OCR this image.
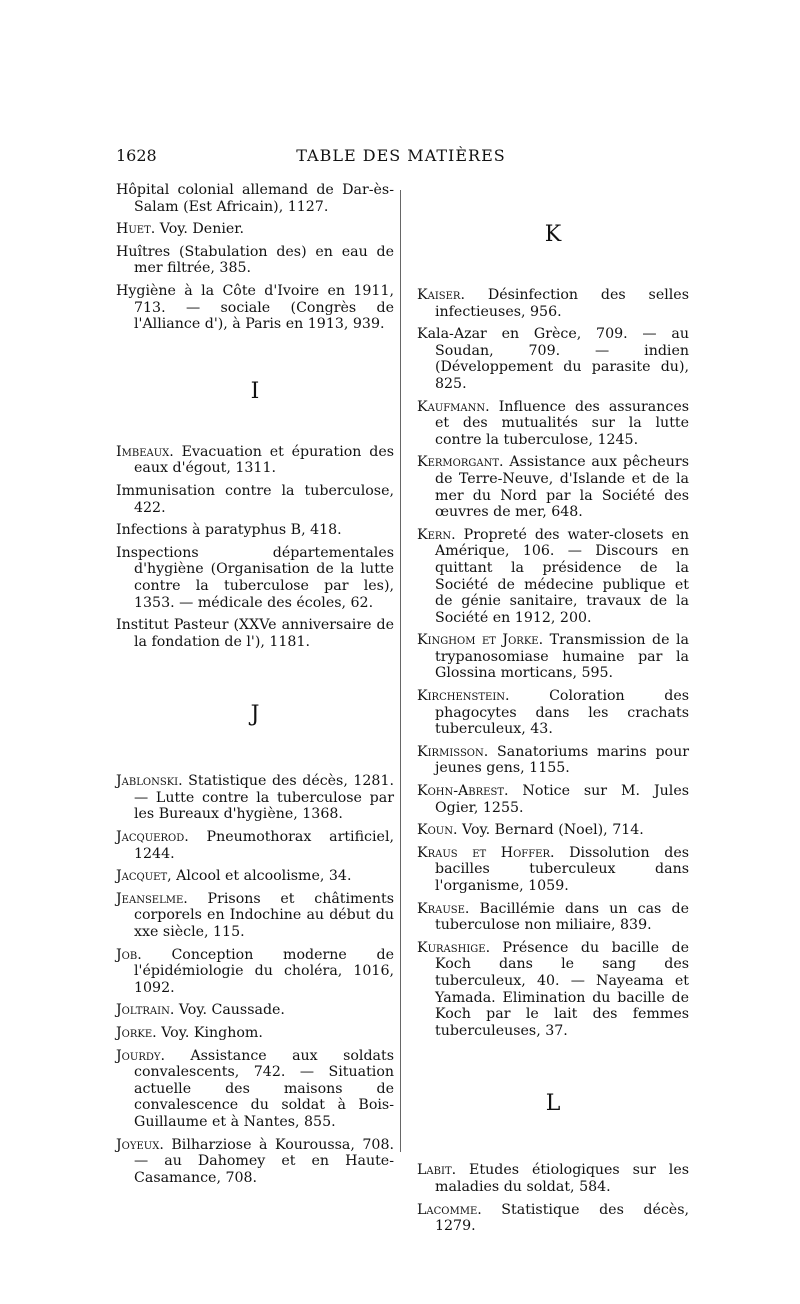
1628	TABLE DES MATIÈRES

Hôpital colonial allemand de Dar-ès-Salam (Est Africain), 1127.

Huet. Voy. Denier.

Huîtres (Stabulation des) en eau de mer filtrée, 385.

Hygiène à la Côte d'Ivoire en 1911, 713. — sociale (Congrès de l'Alliance d'), à Paris en 1913, 939.

I

Imbeaux. Evacuation et épuration des eaux d'égout, 1311.

Immunisation contre la tuberculose, 422.

Infections à paratyphus B, 418.

Inspections départementales d'hygiène (Organisation de la lutte contre la tuberculose par les), 1353. — médicale des écoles, 62.

Institut Pasteur (XXVe anniversaire de la fondation de l'), 1181.

J

Jablonski. Statistique des décès, 1281. — Lutte contre la tuberculose par les Bureaux d'hygiène, 1368.

Jacquerod. Pneumothorax artificiel, 1244.

Jacquet, Alcool et alcoolisme, 34.

Jeanselme. Prisons et châtiments corporels en Indochine au début du xxe siècle, 115.

Job. Conception moderne de l'épidémiologie du choléra, 1016, 1092.

Joltrain. Voy. Caussade.

Jorke. Voy. Kinghom.

Jourdy. Assistance aux soldats convalescents, 742. — Situation actuelle des maisons de convalescence du soldat à Bois-Guillaume et à Nantes, 855.

Joyeux. Bilharziose à Kouroussa, 708. — au Dahomey et en Haute-Casamance, 708.

K

Kaiser. Désinfection des selles infectieuses, 956.

Kala-Azar en Grèce, 709. — au Soudan, 709. — indien (Développement du parasite du), 825.

Kaufmann. Influence des assurances et des mutualités sur la lutte contre la tuberculose, 1245.

Kermorgant. Assistance aux pêcheurs de Terre-Neuve, d'Islande et de la mer du Nord par la Société des œuvres de mer, 648.

Kern. Propreté des water-closets en Amérique, 106. — Discours en quittant la présidence de la Société de médecine publique et de génie sanitaire, travaux de la Société en 1912, 200.

Kinghom et Jorke. Transmission de la trypanosomiase humaine par la Glossina morticans, 595.

Kirchenstein. Coloration des phagocytes dans les crachats tuberculeux, 43.

Kirmisson. Sanatoriums marins pour jeunes gens, 1155.

Kohn-Abrest. Notice sur M. Jules Ogier, 1255.

Koun. Voy. Bernard (Noel), 714.

Kraus et Hoffer. Dissolution des bacilles tuberculeux dans l'organisme, 1059.

Krause. Bacillémie dans un cas de tuberculose non miliaire, 839.

Kurashige. Présence du bacille de Koch dans le sang des tuberculeux, 40. — Nayeama et Yamada. Elimination du bacille de Koch par le lait des femmes tuberculeuses, 37.

L

Labit. Etudes étiologiques sur les maladies du soldat, 584.

Lacomme. Statistique des décès, 1279.
